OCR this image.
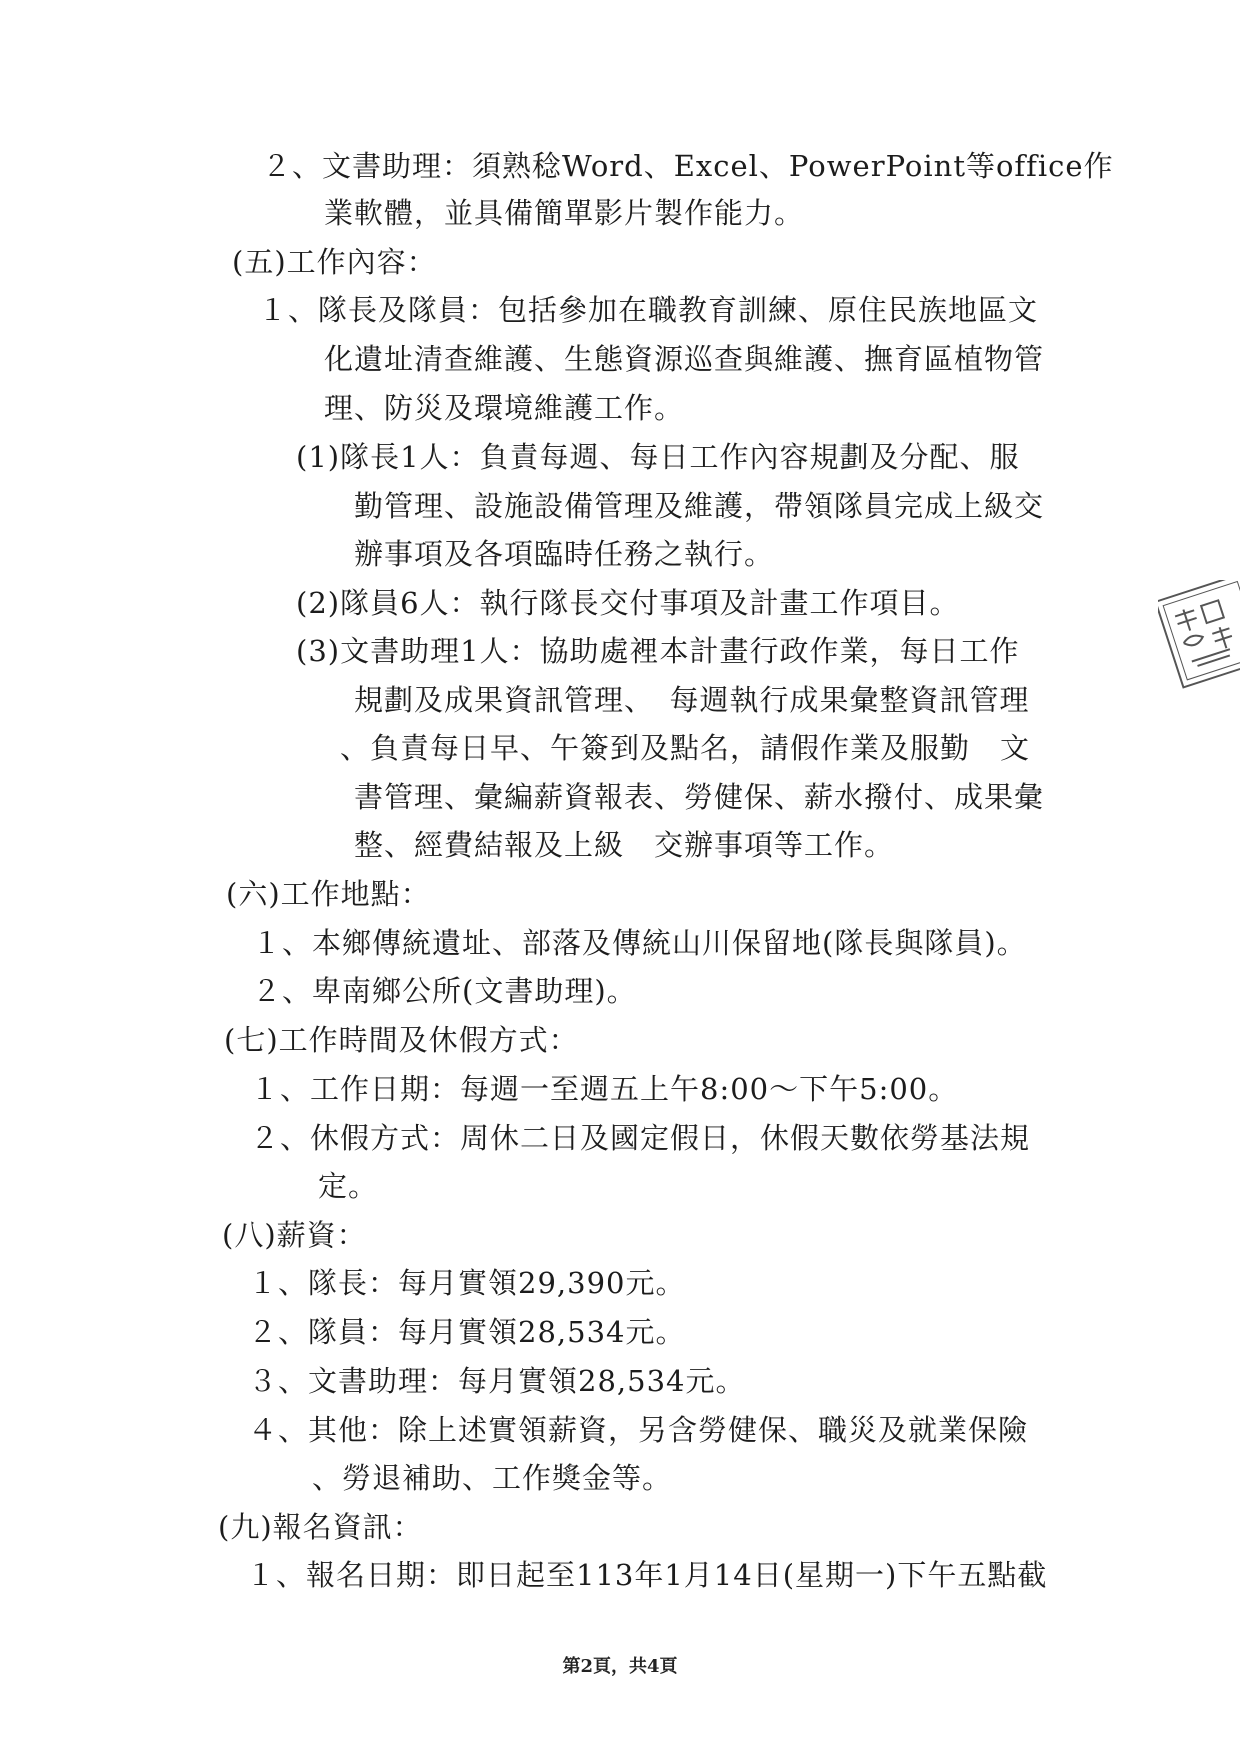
２、文書助理：須熟稔Word、Excel、PowerPoint等office作
業軟體，並具備簡單影片製作能力。
(五)工作內容：
１、隊長及隊員：包括參加在職教育訓練、原住民族地區文
化遺址清查維護、生態資源巡查與維護、撫育區植物管
理、防災及環境維護工作。
(1)隊長1人：負責每週、每日工作內容規劃及分配、服
勤管理、設施設備管理及維護，帶領隊員完成上級交
辦事項及各項臨時任務之執行。
(2)隊員6人：執行隊長交付事項及計畫工作項目。
(3)文書助理1人：協助處裡本計畫行政作業，每日工作
規劃及成果資訊管理、　每週執行成果彙整資訊管理
、負責每日早、午簽到及點名，請假作業及服勤　文
書管理、彙編薪資報表、勞健保、薪水撥付、成果彙
整、經費結報及上級　交辦事項等工作。
(六)工作地點：
１、本鄉傳統遺址、部落及傳統山川保留地(隊長與隊員)。
２、卑南鄉公所(文書助理)。
(七)工作時間及休假方式：
１、工作日期：每週一至週五上午8:00～下午5:00。
２、休假方式：周休二日及國定假日，休假天數依勞基法規
定。
(八)薪資：
１、隊長：每月實領29,390元。
２、隊員：每月實領28,534元。
３、文書助理：每月實領28,534元。
４、其他：除上述實領薪資，另含勞健保、職災及就業保險
、勞退補助、工作獎金等。
(九)報名資訊：
１、報名日期：即日起至113年1月14日(星期一)下午五點截
第2頁，共4頁
